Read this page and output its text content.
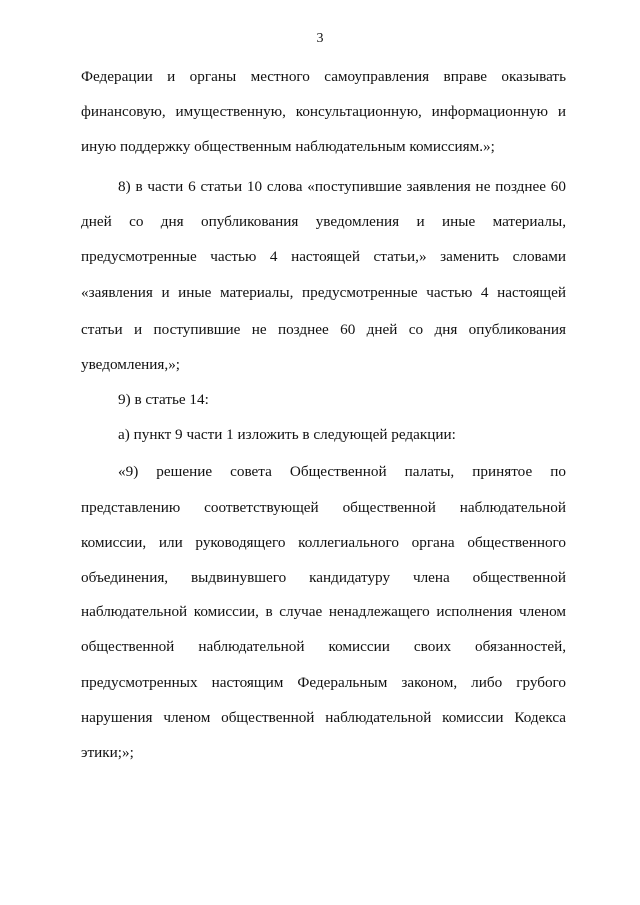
3
Федерации и органы местного самоуправления вправе оказывать
финансовую, имущественную, консультационную, информационную и
иную поддержку общественным наблюдательным комиссиям.»;
8) в части 6 статьи 10 слова «поступившие заявления не позднее 60
дней со дня опубликования уведомления и иные материалы,
предусмотренные частью 4 настоящей статьи,» заменить словами
«заявления и иные материалы, предусмотренные частью 4 настоящей
статьи и поступившие не позднее 60 дней со дня опубликования
уведомления,»;
9) в статье 14:
а) пункт 9 части 1 изложить в следующей редакции:
«9) решение совета Общественной палаты, принятое по
представлению соответствующей общественной наблюдательной
комиссии, или руководящего коллегиального органа общественного
объединения, выдвинувшего кандидатуру члена общественной
наблюдательной комиссии, в случае ненадлежащего исполнения членом
общественной наблюдательной комиссии своих обязанностей,
предусмотренных настоящим Федеральным законом, либо грубого
нарушения членом общественной наблюдательной комиссии Кодекса
этики;»;
